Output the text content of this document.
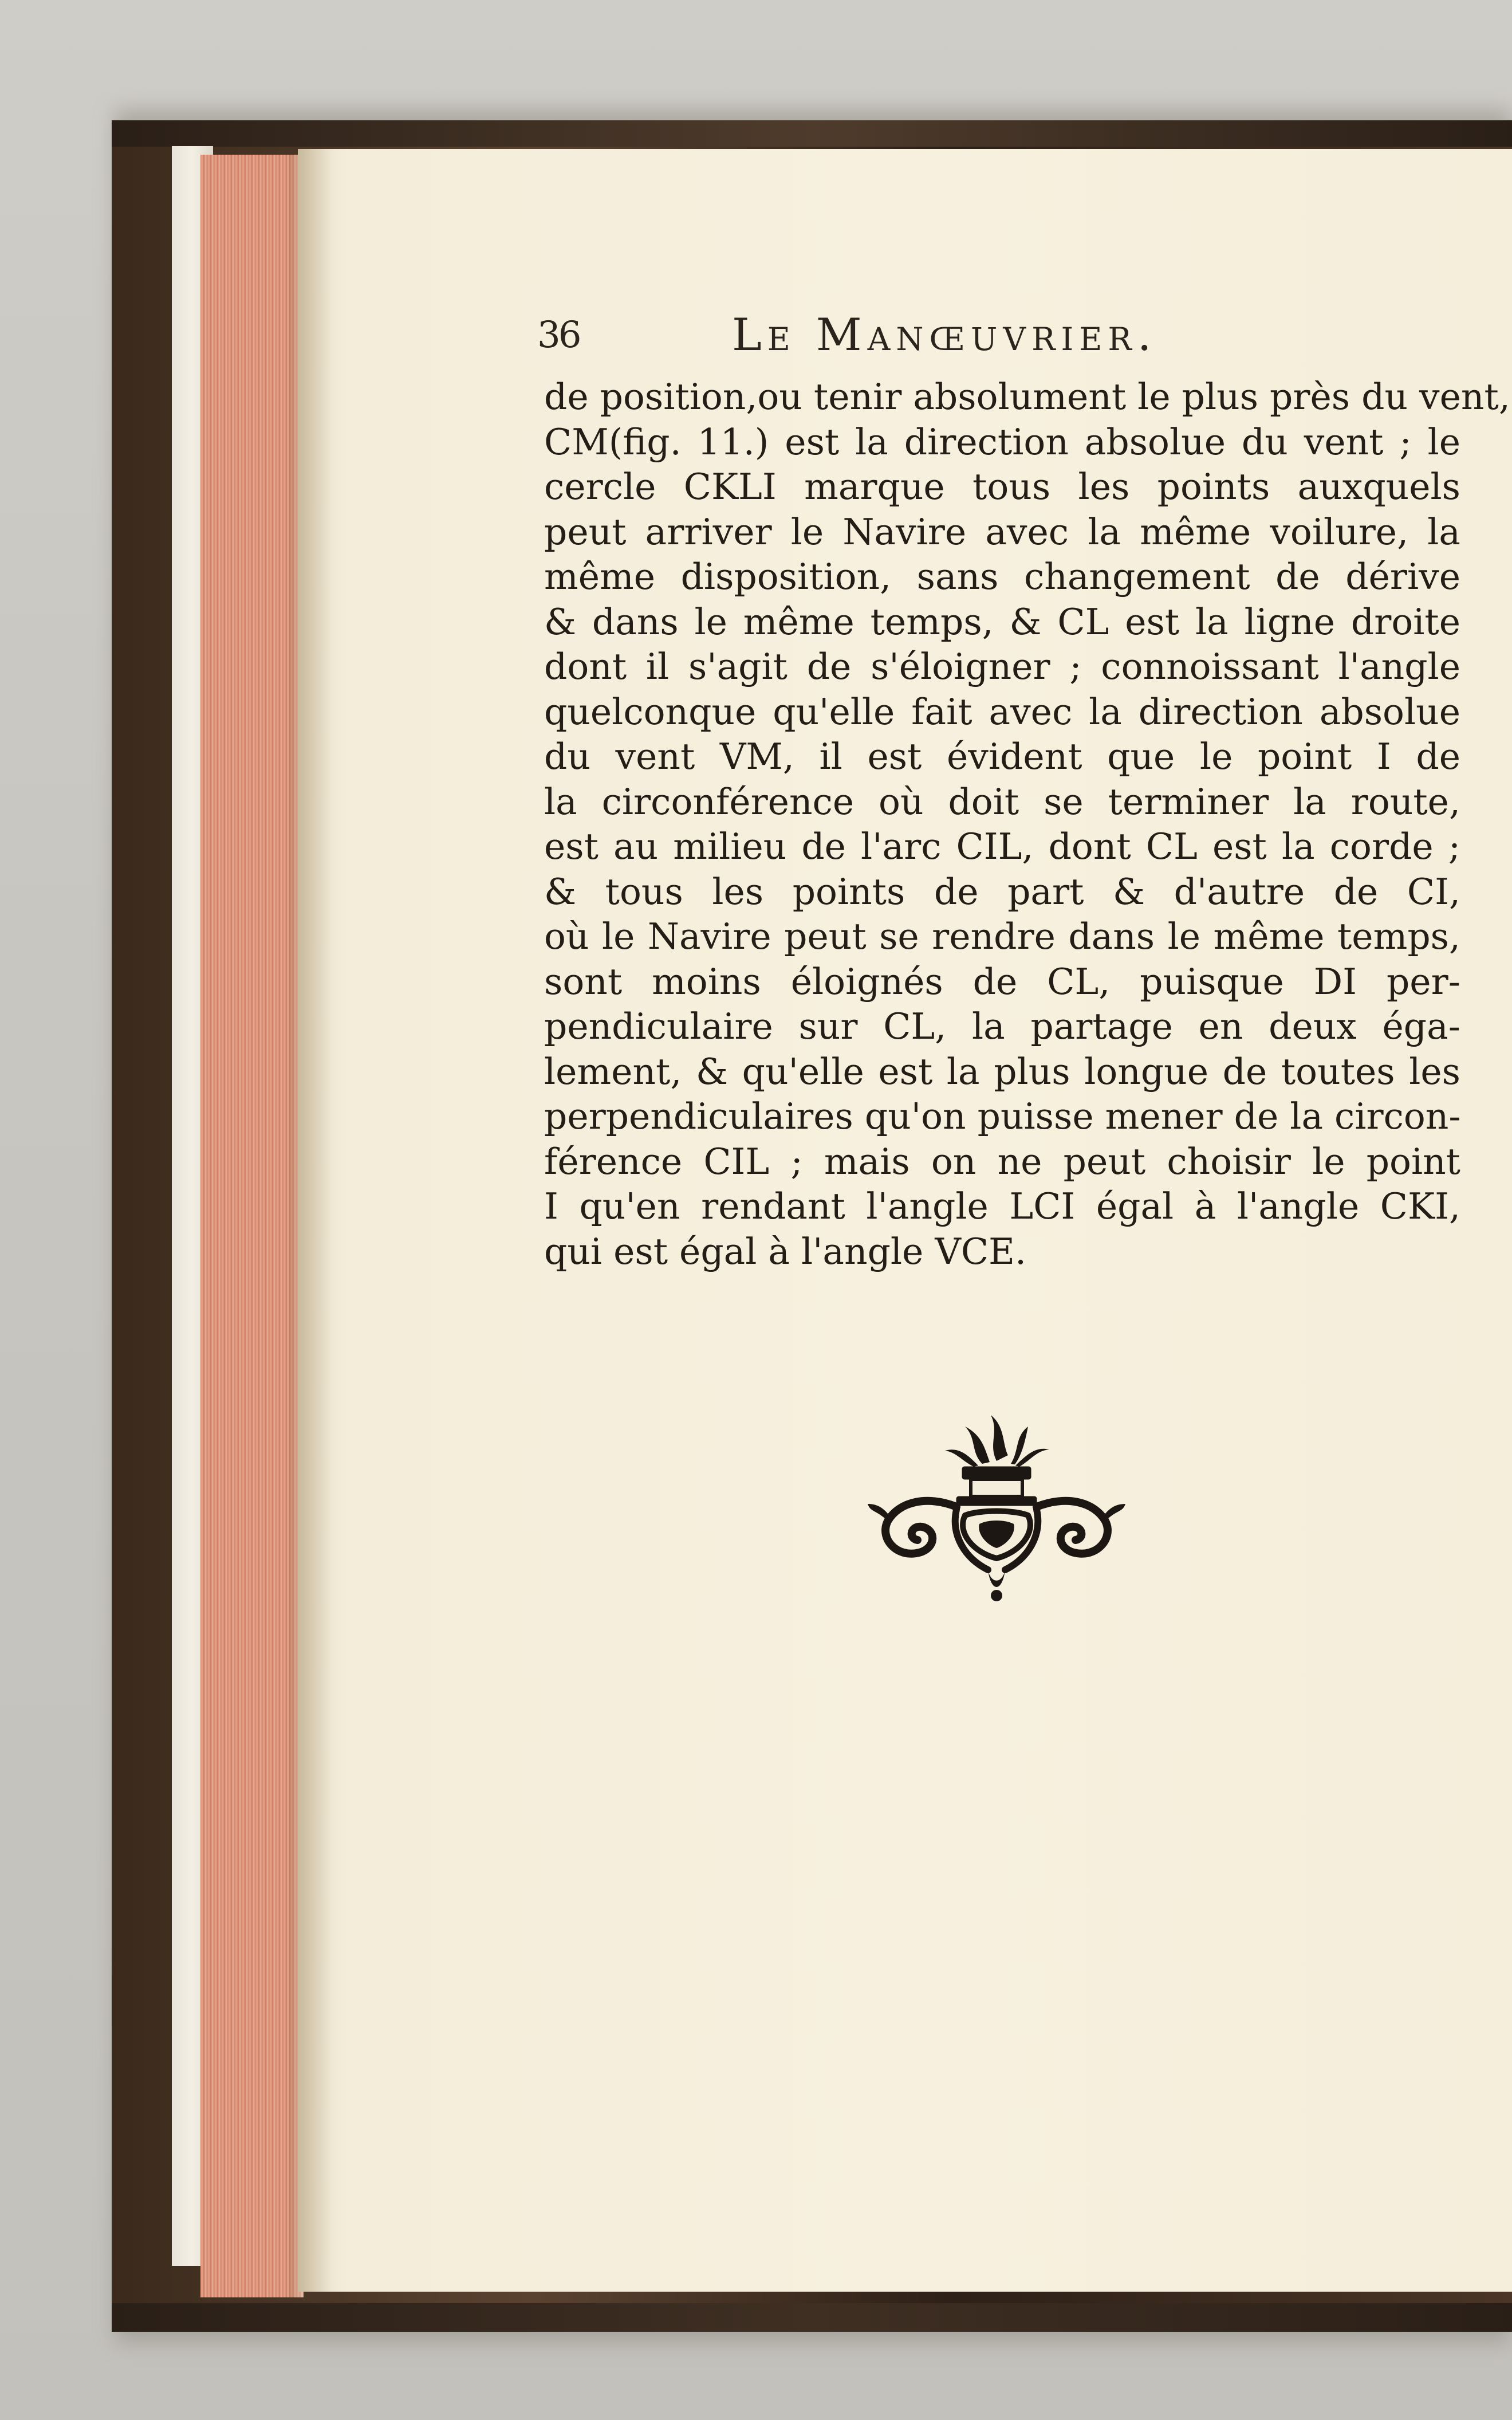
36	Le Manœuvrier.
de position,ou tenir absolument le plus près du vent,
CM(fig. 11.) est la direction absolue du vent ; le
cercle CKLI marque tous les points auxquels
peut arriver le Navire avec la même voilure, la
même disposition, sans changement de dérive
& dans le même temps, & CL est la ligne droite
dont il s'agit de s'éloigner ; connoissant l'angle
quelconque qu'elle fait avec la direction absolue
du vent VM, il est évident que le point I de
la circonférence où doit se terminer la route,
est au milieu de l'arc CIL, dont CL est la corde ;
& tous les points de part & d'autre de CI,
où le Navire peut se rendre dans le même temps,
sont moins éloignés de CL, puisque DI per-
pendiculaire sur CL, la partage en deux éga-
lement, & qu'elle est la plus longue de toutes les
perpendiculaires qu'on puisse mener de la circon-
férence CIL ; mais on ne peut choisir le point
I qu'en rendant l'angle LCI égal à l'angle CKI,
qui est égal à l'angle VCE.
